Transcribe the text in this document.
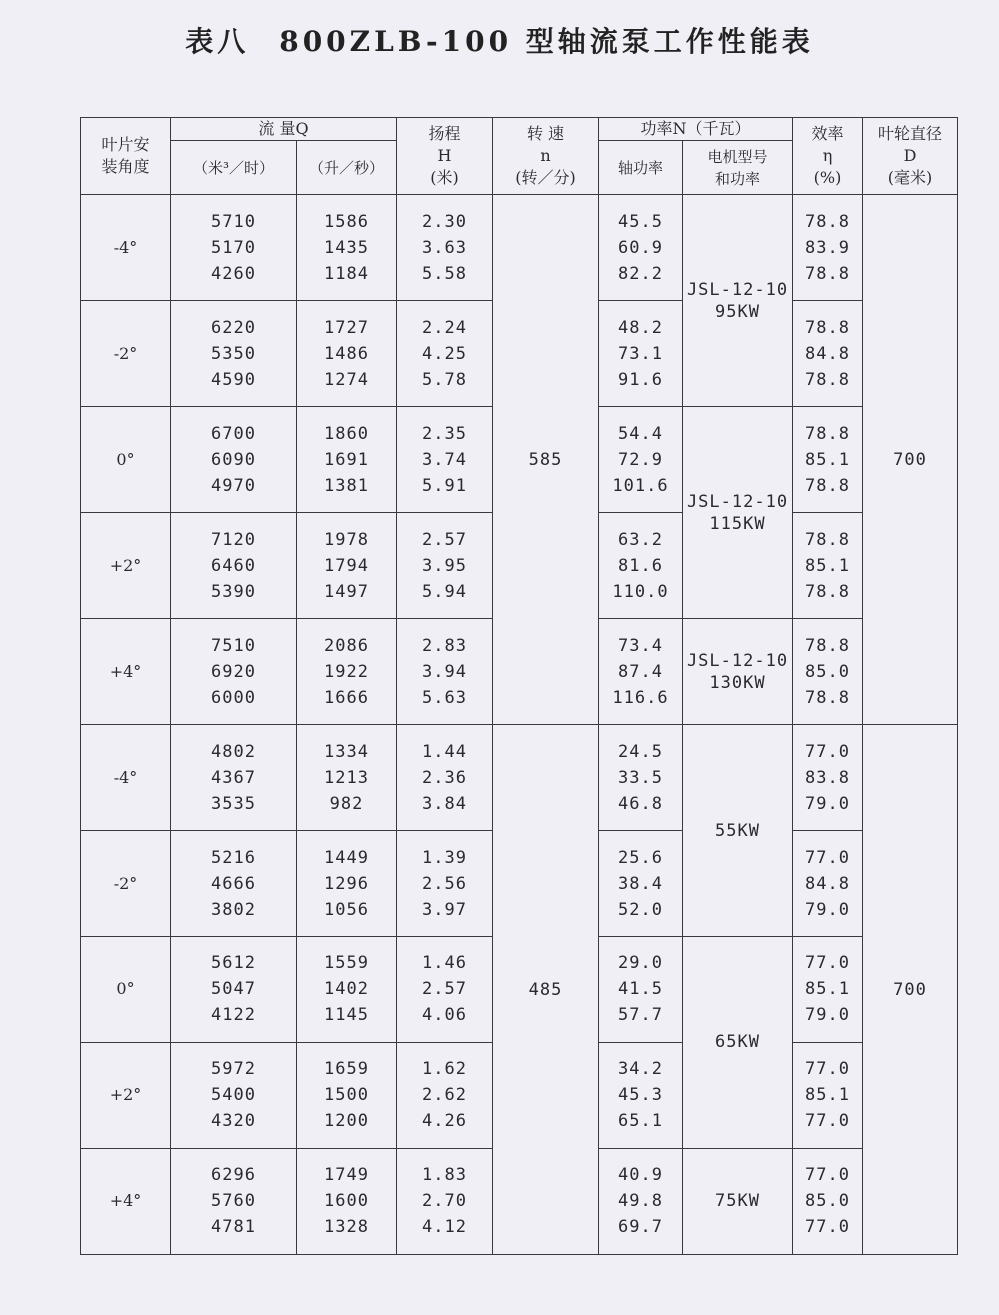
表八 800ZLB-100 型轴流泵工作性能表
叶片安
装角度	流 量Q		扬程
H
(米)	转 速
n
(转／分)	功率N（千瓦）		效率
η
(%)	叶轮直径
D
(毫米)

	（米³／时）	（升／秒）			轴功率	电机型号
和功率		

-4°	5710
5170
4260	1586
1435
1184	2.30
3.63
5.58	585	45.5
60.9
82.2	JSL-12-10
95KW	78.8
83.9
78.8	700
-2°	6220
5350
4590	1727
1486
1274	2.24
4.25
5.78		48.2
73.1
91.6		78.8
84.8
78.8	

0°	6700
6090
4970	1860
1691
1381	2.35
3.74
5.91		54.4
72.9
101.6	JSL-12-10
115KW	78.8
85.1
78.8	

+2°	7120
6460
5390	1978
1794
1497	2.57
3.95
5.94		63.2
81.6
110.0		78.8
85.1
78.8	

+4°	7510
6920
6000	2086
1922
1666	2.83
3.94
5.63		73.4
87.4
116.6	JSL-12-10
130KW	78.8
85.0
78.8	

-4°	4802
4367
3535	1334
1213
982	1.44
2.36
3.84	485	24.5
33.5
46.8	55KW	77.0
83.8
79.0	700
-2°	5216
4666
3802	1449
1296
1056	1.39
2.56
3.97		25.6
38.4
52.0		77.0
84.8
79.0	

0°	5612
5047
4122	1559
1402
1145	1.46
2.57
4.06		29.0
41.5
57.7	65KW	77.0
85.1
79.0	

+2°	5972
5400
4320	1659
1500
1200	1.62
2.62
4.26		34.2
45.3
65.1		77.0
85.1
77.0	

+4°	6296
5760
4781	1749
1600
1328	1.83
2.70
4.12		40.9
49.8
69.7	75KW	77.0
85.0
77.0	
